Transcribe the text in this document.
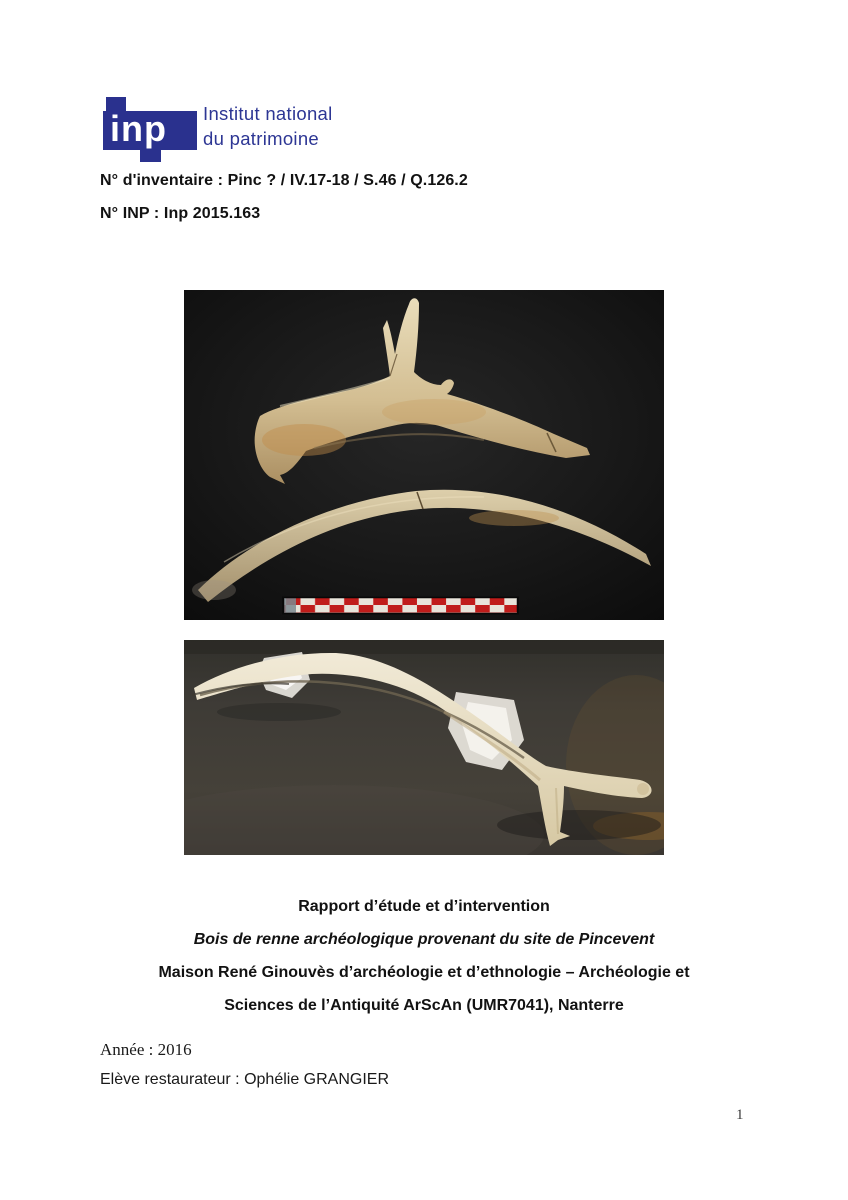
inp	Institut national
du patrimoine
N° d'inventaire : Pinc ? / IV.17-18 / S.46 / Q.126.2
N° INP : Inp 2015.163
Rapport d’étude et d’intervention
Bois de renne archéologique provenant du site de Pincevent
Maison René Ginouvès d’archéologie et d’ethnologie – Archéologie et
Sciences de l’Antiquité ArScAn (UMR7041), Nanterre
Année : 2016
Elève restaurateur : Ophélie GRANGIER
1
